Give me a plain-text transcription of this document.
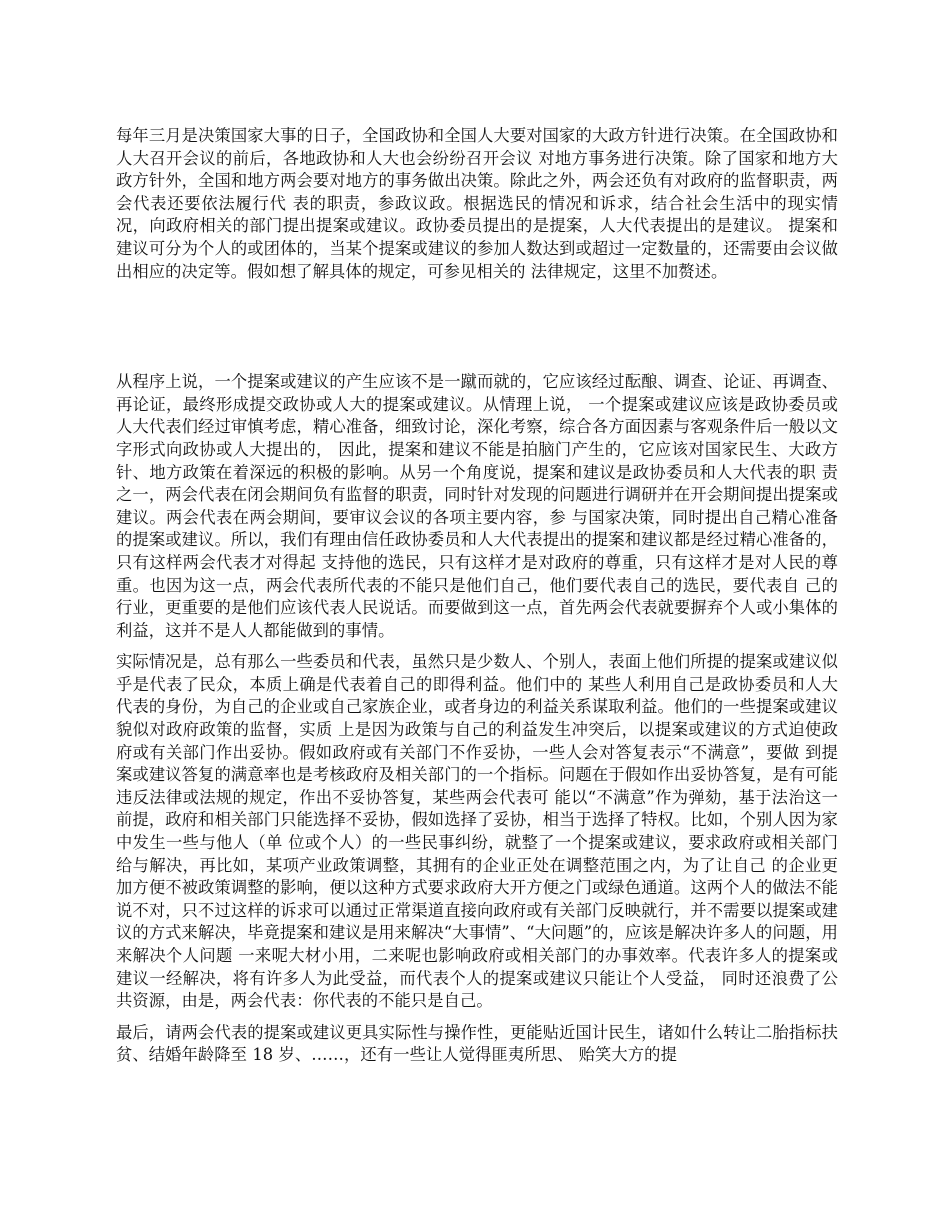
每年三月是决策国家大事的日子，全国政协和全国人大要对国家的大政方针进行决策。在全国政协和人大召开会议的前后，各地政协和人大也会纷纷召开会议 对地方事务进行决策。除了国家和地方大政方针外，全国和地方两会要对地方的事务做出决策。除此之外，两会还负有对政府的监督职责，两会代表还要依法履行代 表的职责，参政议政。根据选民的情况和诉求，结合社会生活中的现实情况，向政府相关的部门提出提案或建议。政协委员提出的是提案，人大代表提出的是建议。 提案和建议可分为个人的或团体的，当某个提案或建议的参加人数达到或超过一定数量的，还需要由会议做出相应的决定等。假如想了解具体的规定，可参见相关的 法律规定，这里不加赘述。

从程序上说，一个提案或建议的产生应该不是一蹴而就的，它应该经过酝酿、调查、论证、再调查、再论证，最终形成提交政协或人大的提案或建议。从情理上说， 一个提案或建议应该是政协委员或人大代表们经过审慎考虑，精心准备，细致讨论，深化考察，综合各方面因素与客观条件后一般以文字形式向政协或人大提出的， 因此，提案和建议不能是拍脑门产生的，它应该对国家民生、大政方针、地方政策在着深远的积极的影响。从另一个角度说，提案和建议是政协委员和人大代表的职 责之一，两会代表在闭会期间负有监督的职责，同时针对发现的问题进行调研并在开会期间提出提案或建议。两会代表在两会期间，要审议会议的各项主要内容，参 与国家决策，同时提出自己精心准备的提案或建议。所以，我们有理由信任政协委员和人大代表提出的提案和建议都是经过精心准备的，只有这样两会代表才对得起 支持他的选民，只有这样才是对政府的尊重，只有这样才是对人民的尊重。也因为这一点，两会代表所代表的不能只是他们自己，他们要代表自己的选民，要代表自 己的行业，更重要的是他们应该代表人民说话。而要做到这一点，首先两会代表就要摒弃个人或小集体的利益，这并不是人人都能做到的事情。

实际情况是，总有那么一些委员和代表，虽然只是少数人、个别人，表面上他们所提的提案或建议似乎是代表了民众，本质上确是代表着自己的即得利益。他们中的 某些人利用自己是政协委员和人大代表的身份，为自己的企业或自己家族企业，或者身边的利益关系谋取利益。他们的一些提案或建议貌似对政府政策的监督，实质 上是因为政策与自己的利益发生冲突后，以提案或建议的方式迫使政府或有关部门作出妥协。假如政府或有关部门不作妥协，一些人会对答复表示“不满意”，要做 到提案或建议答复的满意率也是考核政府及相关部门的一个指标。问题在于假如作出妥协答复，是有可能违反法律或法规的规定，作出不妥协答复，某些两会代表可 能以“不满意”作为弹劾，基于法治这一前提，政府和相关部门只能选择不妥协，假如选择了妥协，相当于选择了特权。比如，个别人因为家中发生一些与他人（单 位或个人）的一些民事纠纷，就整了一个提案或建议，要求政府或相关部门给与解决，再比如，某项产业政策调整，其拥有的企业正处在调整范围之内，为了让自己 的企业更加方便不被政策调整的影响，便以这种方式要求政府大开方便之门或绿色通道。这两个人的做法不能说不对，只不过这样的诉求可以通过正常渠道直接向政府或有关部门反映就行，并不需要以提案或建议的方式来解决，毕竟提案和建议是用来解决“大事情”、“大问题”的，应该是解决许多人的问题，用来解决个人问题 一来呢大材小用，二来呢也影响政府或相关部门的办事效率。代表许多人的提案或建议一经解决，将有许多人为此受益，而代表个人的提案或建议只能让个人受益， 同时还浪费了公共资源，由是，两会代表：你代表的不能只是自己。

最后，请两会代表的提案或建议更具实际性与操作性，更能贴近国计民生，诸如什么转让二胎指标扶贫、结婚年龄降至 18 岁、……，还有一些让人觉得匪夷所思、 贻笑大方的提
